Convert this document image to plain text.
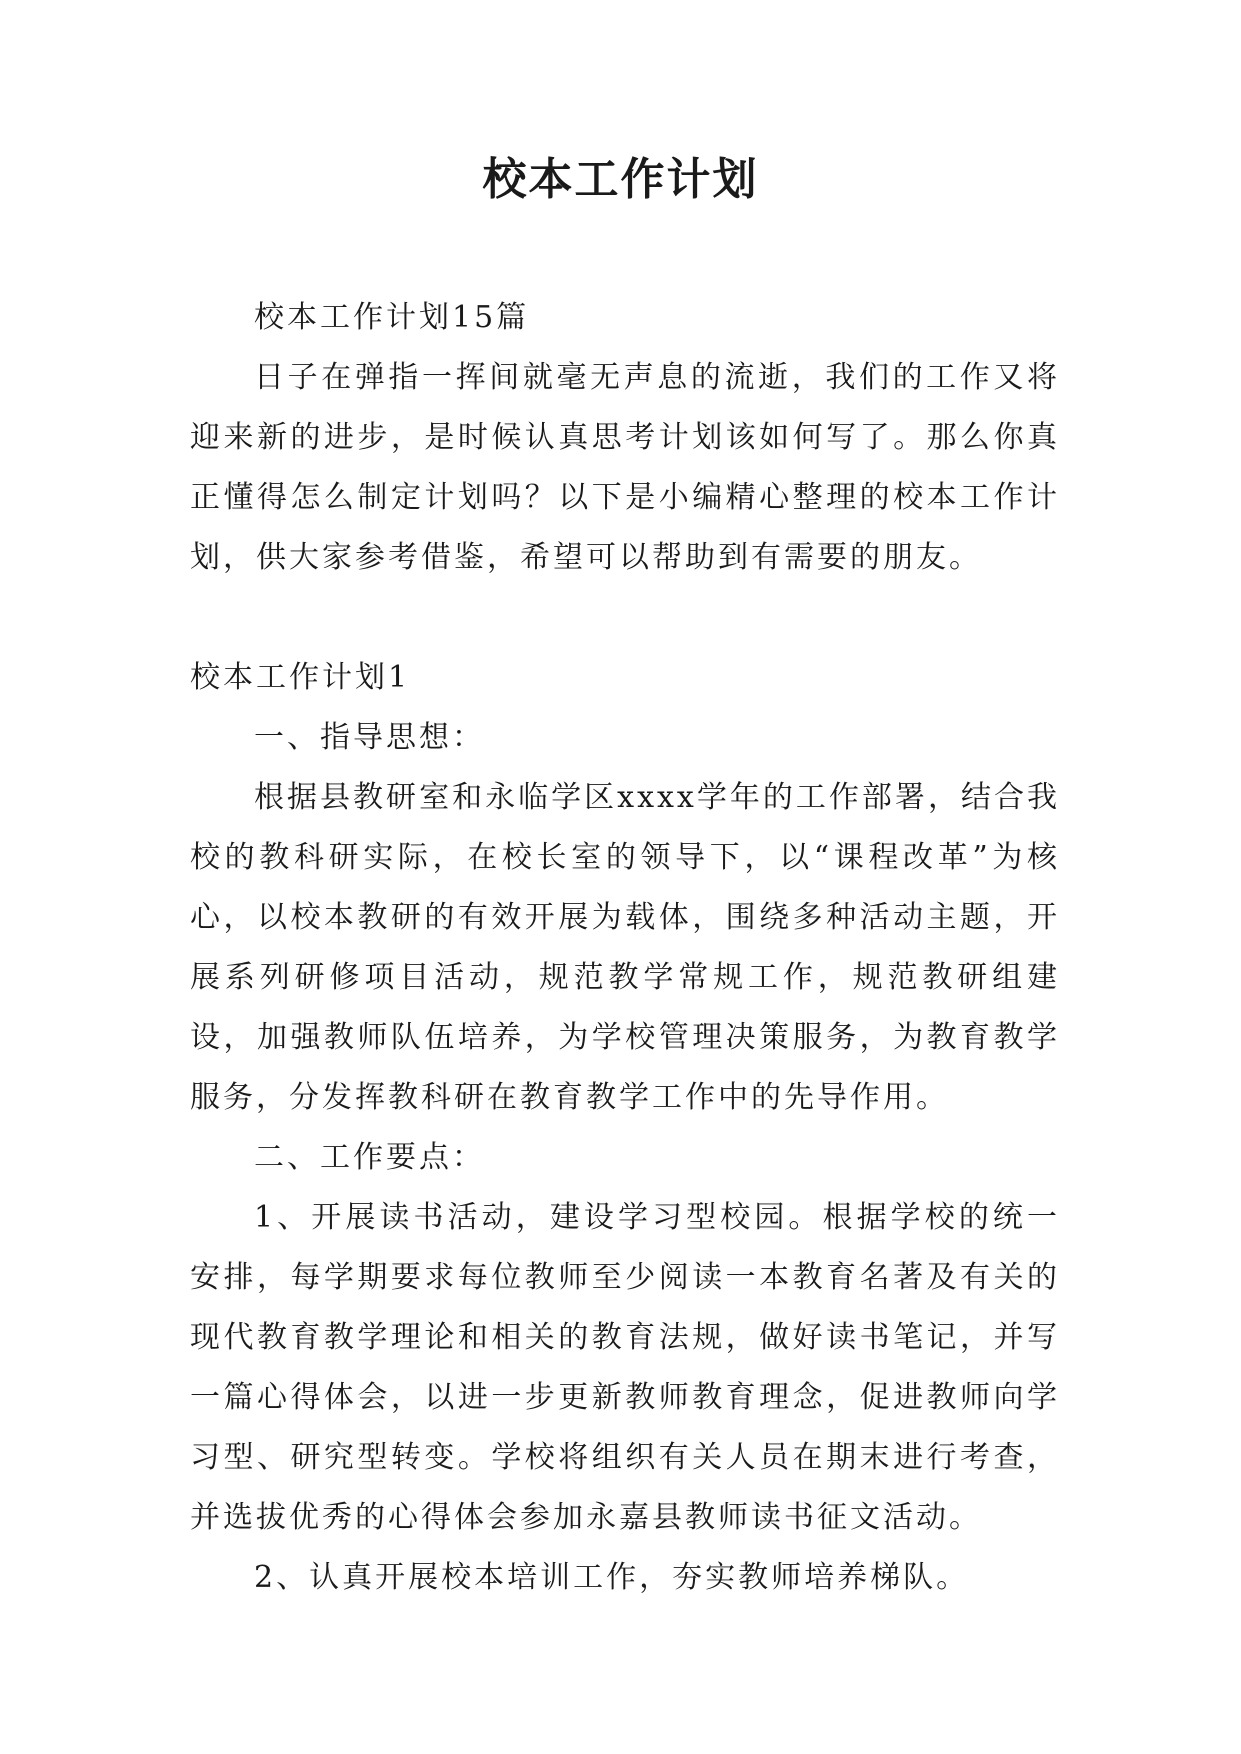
校本工作计划

校本工作计划15篇

日子在弹指一挥间就毫无声息的流逝，我们的工作又将迎来新的进步，是时候认真思考计划该如何写了。那么你真正懂得怎么制定计划吗？以下是小编精心整理的校本工作计划，供大家参考借鉴，希望可以帮助到有需要的朋友。

校本工作计划1

一、指导思想：

根据县教研室和永临学区xxxx学年的工作部署，结合我校的教科研实际，在校长室的领导下，以“课程改革”为核心，以校本教研的有效开展为载体，围绕多种活动主题，开展系列研修项目活动，规范教学常规工作，规范教研组建设，加强教师队伍培养，为学校管理决策服务，为教育教学服务，分发挥教科研在教育教学工作中的先导作用。

二、工作要点：

1、开展读书活动，建设学习型校园。根据学校的统一安排，每学期要求每位教师至少阅读一本教育名著及有关的现代教育教学理论和相关的教育法规，做好读书笔记，并写一篇心得体会，以进一步更新教师教育理念，促进教师向学习型、研究型转变。学校将组织有关人员在期末进行考查，并选拔优秀的心得体会参加永嘉县教师读书征文活动。

2、认真开展校本培训工作，夯实教师培养梯队。
